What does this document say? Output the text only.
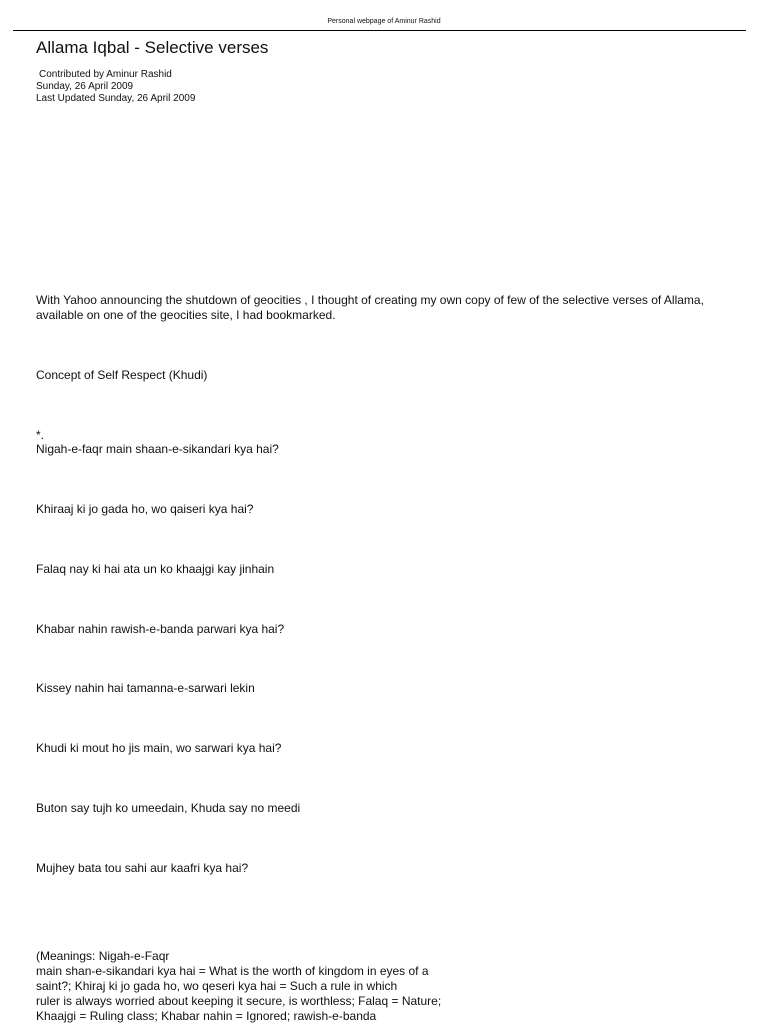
Personal webpage of Aminur Rashid
Allama Iqbal - Selective verses
Contributed by Aminur Rashid
Sunday, 26 April 2009
Last Updated Sunday, 26 April 2009

With Yahoo announcing the shutdown of geocities , I thought of creating my own copy of few of the selective verses of Allama, available on one of the geocities site, I had bookmarked.

Concept of Self Respect (Khudi)
*.
Nigah-e-faqr main shaan-e-sikandari kya hai?
Khiraaj ki jo gada ho, wo qaiseri kya hai?
Falaq nay ki hai ata un ko khaajgi kay jinhain
Khabar nahin rawish-e-banda parwari kya hai?
Kissey nahin hai tamanna-e-sarwari lekin
Khudi ki mout ho jis main, wo sarwari kya hai?
Buton say tujh ko umeedain, Khuda say no meedi
Mujhey bata tou sahi aur kaafri kya hai?
(Meanings: Nigah-e-Faqr
main shan-e-sikandari kya hai = What is the worth of kingdom in eyes of a
saint?; Khiraj ki jo gada ho, wo qeseri kya hai = Such a rule in which
ruler is always worried about keeping it secure, is worthless; Falaq = Nature;
Khaajgi = Ruling class; Khabar nahin = Ignored; rawish-e-banda
